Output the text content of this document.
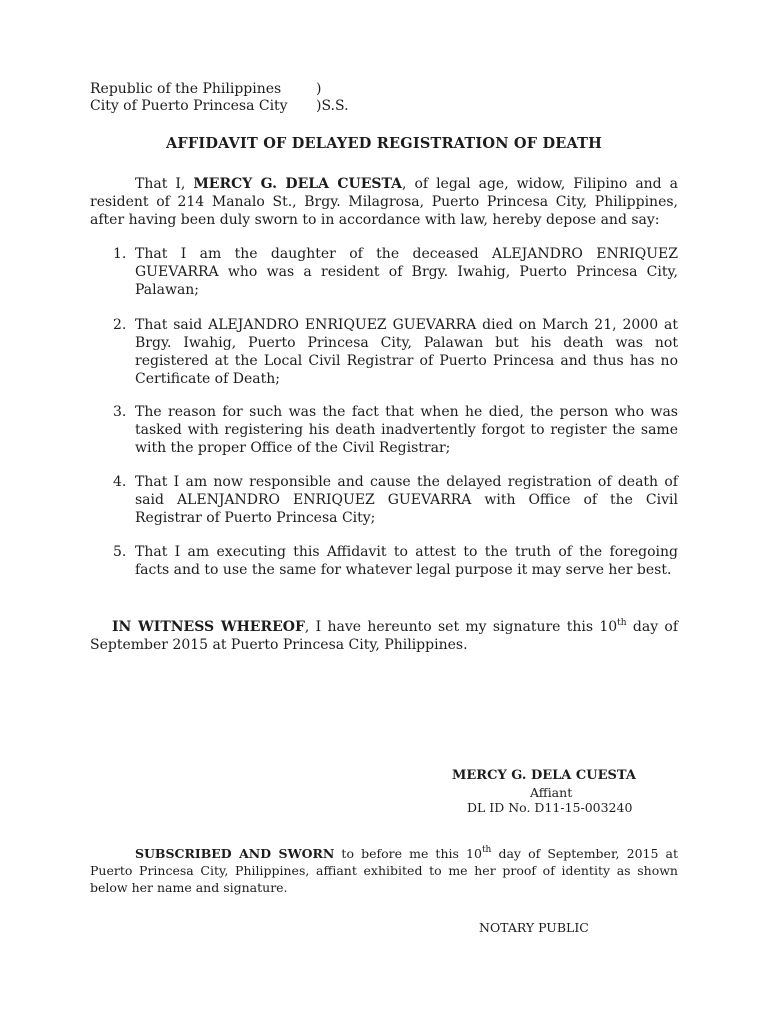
Republic of the Philippines )
City of Puerto Princesa City )S.S.
AFFIDAVIT OF DELAYED REGISTRATION OF DEATH

That I, MERCY G. DELA CUESTA, of legal age, widow, Filipino and a resident of 214 Manalo St., Brgy. Milagrosa, Puerto Princesa City, Philippines, after having been duly sworn to in accordance with law, hereby depose and say:

1. That I am the daughter of the deceased ALEJANDRO ENRIQUEZ GUEVARRA who was a resident of Brgy. Iwahig, Puerto Princesa City, Palawan;
2. That said ALEJANDRO ENRIQUEZ GUEVARRA died on March 21, 2000 at Brgy. Iwahig, Puerto Princesa City, Palawan but his death was not registered at the Local Civil Registrar of Puerto Princesa and thus has no Certificate of Death;
3. The reason for such was the fact that when he died, the person who was tasked with registering his death inadvertently forgot to register the same with the proper Office of the Civil Registrar;
4. That I am now responsible and cause the delayed registration of death of said ALENJANDRO ENRIQUEZ GUEVARRA with Office of the Civil Registrar of Puerto Princesa City;
5. That I am executing this Affidavit to attest to the truth of the foregoing facts and to use the same for whatever legal purpose it may serve her best.

IN WITNESS WHEREOF, I have hereunto set my signature this 10th day of September 2015 at Puerto Princesa City, Philippines.

MERCY G. DELA CUESTA
Affiant
DL ID No. D11-15-003240

SUBSCRIBED AND SWORN to before me this 10th day of September, 2015 at Puerto Princesa City, Philippines, affiant exhibited to me her proof of identity as shown below her name and signature.

NOTARY PUBLIC
